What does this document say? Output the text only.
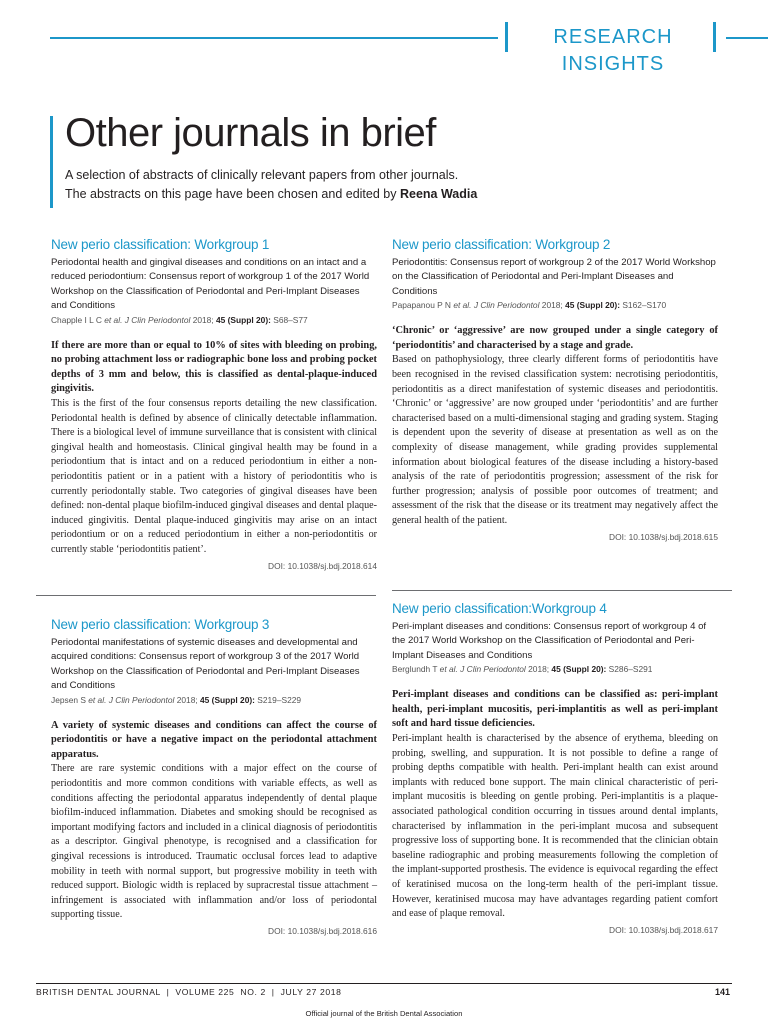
RESEARCH
INSIGHTS
Other journals in brief
A selection of abstracts of clinically relevant papers from other journals.
The abstracts on this page have been chosen and edited by Reena Wadia
New perio classification: Workgroup 1

Periodontal health and gingival diseases and conditions on an intact and a reduced periodontium: Consensus report of workgroup 1 of the 2017 World Workshop on the Classification of Periodontal and Peri-Implant Diseases and Conditions

Chapple I L C et al. J Clin Periodontol 2018; 45 (Suppl 20): S68–S77

If there are more than or equal to 10% of sites with bleeding on probing, no probing attachment loss or radiographic bone loss and probing pocket depths of 3 mm and below, this is classified as dental-plaque-induced gingivitis.

This is the first of the four consensus reports detailing the new classification. Periodontal health is defined by absence of clinically detectable inflammation. There is a biological level of immune surveillance that is consistent with clinical gingival health and homeostasis. Clinical gingival health may be found in a periodontium that is intact and on a reduced periodontium in either a non-periodontitis patient or in a patient with a history of periodontitis who is currently periodontally stable. Two categories of gingival diseases have been defined: non-dental plaque biofilm-induced gingival diseases and dental plaque-induced gingivitis. Dental plaque-induced gingivitis may arise on an intact periodontium or on a reduced periodontium in either a non-periodontitis or currently stable ‘periodontitis patient’.

DOI: 10.1038/sj.bdj.2018.614

New perio classification: Workgroup 2

Periodontitis: Consensus report of workgroup 2 of the 2017 World Workshop on the Classification of Periodontal and Peri-Implant Diseases and Conditions

Papapanou P N et al. J Clin Periodontol 2018; 45 (Suppl 20): S162–S170

‘Chronic’ or ‘aggressive’ are now grouped under a single category of ‘periodontitis’ and characterised by a stage and grade.

Based on pathophysiology, three clearly different forms of periodontitis have been recognised in the revised classification system: necrotising periodontitis, periodontitis as a direct manifestation of systemic diseases and periodontitis. ‘Chronic’ or ‘aggressive’ are now grouped under ‘periodontitis’ and are further characterised based on a multi-dimensional staging and grading system. Staging is dependent upon the severity of disease at presentation as well as on the complexity of disease management, while grading provides supplemental information about biological features of the disease including a history-based analysis of the rate of periodontitis progression; assessment of the risk for further progression; analysis of possible poor outcomes of treatment; and assessment of the risk that the disease or its treatment may negatively affect the general health of the patient.

DOI: 10.1038/sj.bdj.2018.615

New perio classification: Workgroup 3

Periodontal manifestations of systemic diseases and developmental and acquired conditions: Consensus report of workgroup 3 of the 2017 World Workshop on the Classification of Periodontal and Peri-Implant Diseases and Conditions

Jepsen S et al. J Clin Periodontol 2018; 45 (Suppl 20): S219–S229

A variety of systemic diseases and conditions can affect the course of periodontitis or have a negative impact on the periodontal attachment apparatus.

There are rare systemic conditions with a major effect on the course of periodontitis and more common conditions with variable effects, as well as conditions affecting the periodontal apparatus independently of dental plaque biofilm-induced inflammation. Diabetes and smoking should be recognised as important modifying factors and included in a clinical diagnosis of periodontitis as a descriptor. Gingival phenotype, is recognised and a classification for gingival recessions is introduced. Traumatic occlusal forces lead to adaptive mobility in teeth with normal support, but progressive mobility in teeth with reduced support. Biologic width is replaced by supracrestal tissue attachment – infringement is associated with inflammation and/or loss of periodontal supporting tissue.

DOI: 10.1038/sj.bdj.2018.616

New perio classification:Workgroup 4

Peri-implant diseases and conditions: Consensus report of workgroup 4 of the 2017 World Workshop on the Classification of Periodontal and Peri-Implant Diseases and Conditions

Berglundh T et al. J Clin Periodontol 2018; 45 (Suppl 20): S286–S291

Peri-implant diseases and conditions can be classified as: peri-implant health, peri-implant mucositis, peri-implantitis as well as peri-implant soft and hard tissue deficiencies.

Peri-implant health is characterised by the absence of erythema, bleeding on probing, swelling, and suppuration. It is not possible to define a range of probing depths compatible with health. Peri-implant health can exist around implants with reduced bone support. The main clinical characteristic of peri-implant mucositis is bleeding on gentle probing. Peri-implantitis is a plaque-associated pathological condition occurring in tissues around dental implants, characterised by inflammation in the peri-implant mucosa and subsequent progressive loss of supporting bone. It is recommended that the clinician obtain baseline radiographic and probing measurements following the completion of the implant-supported prosthesis. The evidence is equivocal regarding the effect of keratinised mucosa on the long-term health of the peri-implant tissue. However, keratinised mucosa may have advantages regarding patient comfort and ease of plaque removal.

DOI: 10.1038/sj.bdj.2018.617

BRITISH DENTAL JOURNAL  |  VOLUME 225  NO. 2  |  JULY 27 2018	141
Official journal of the British Dental Association
